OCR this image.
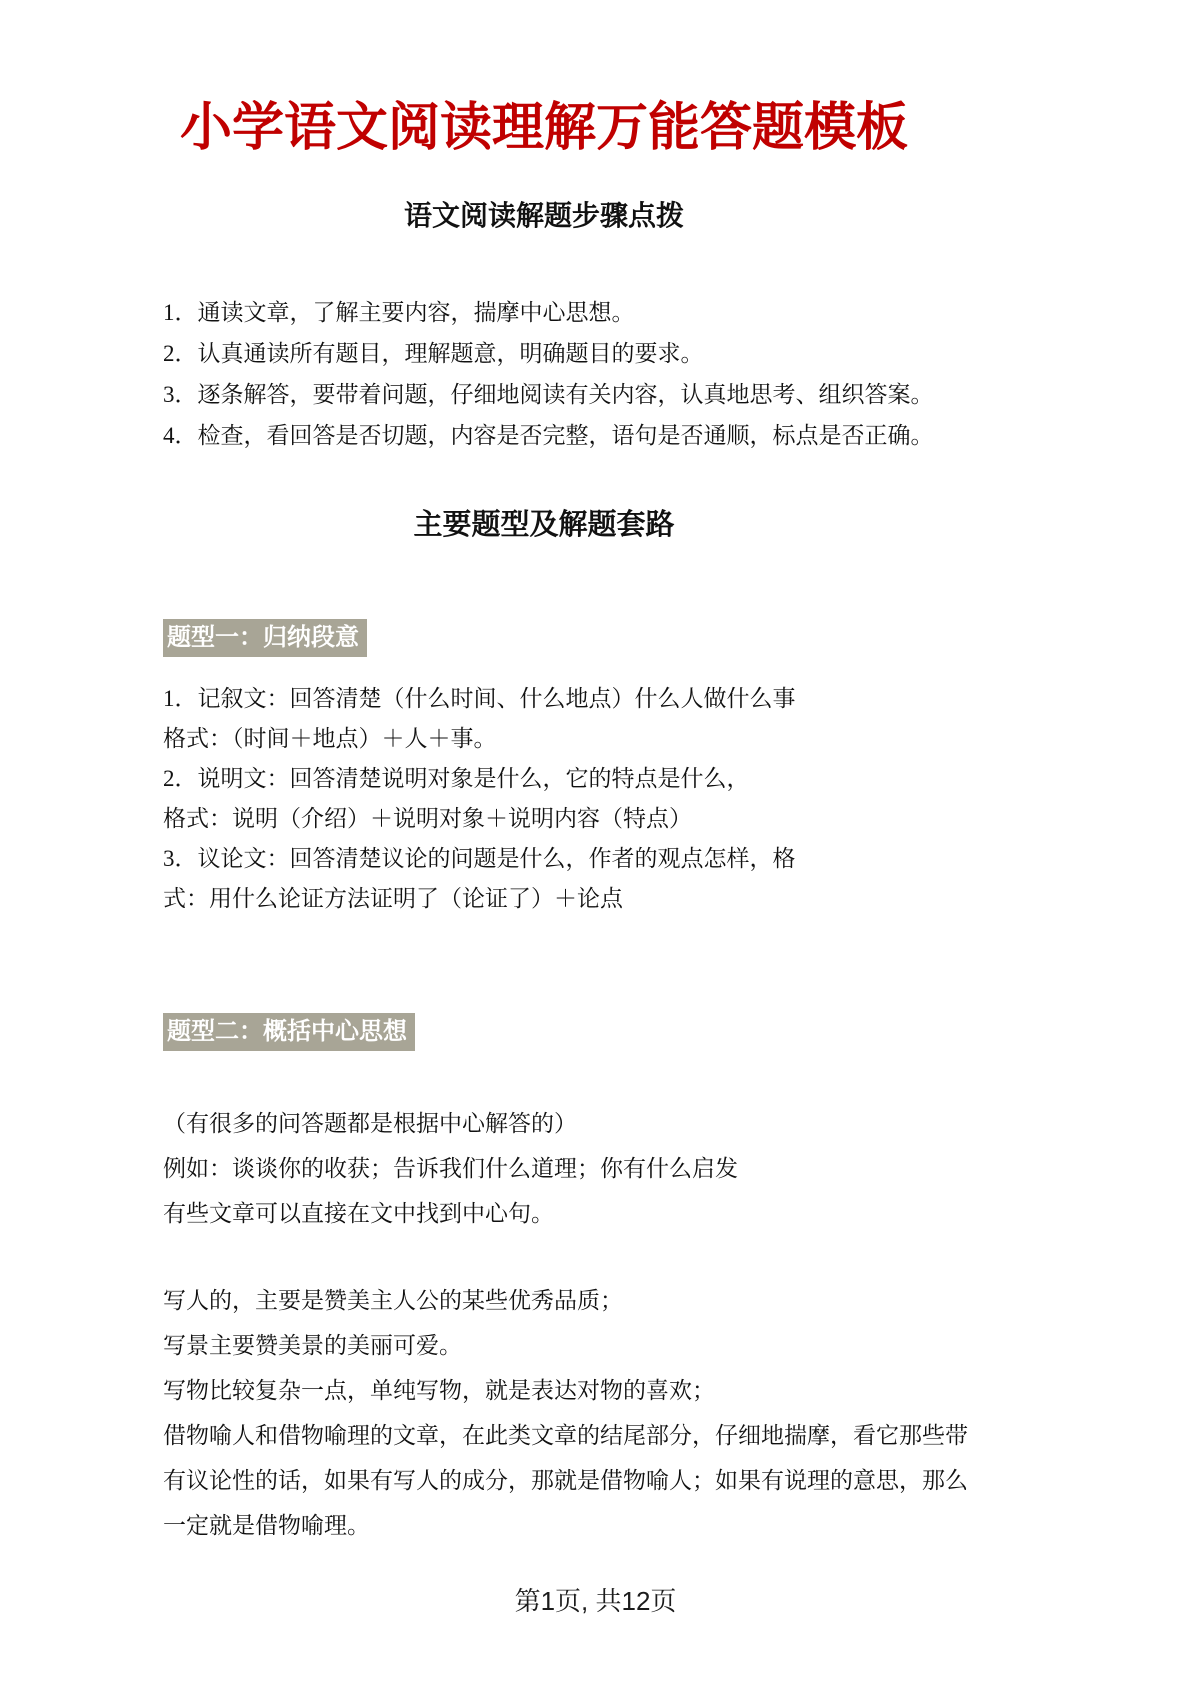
小学语文阅读理解万能答题模板
语文阅读解题步骤点拨

1．通读文章，了解主要内容，揣摩中心思想。

2．认真通读所有题目，理解题意，明确题目的要求。

3．逐条解答，要带着问题，仔细地阅读有关内容，认真地思考、组织答案。

4．检查，看回答是否切题，内容是否完整，语句是否通顺，标点是否正确。

主要题型及解题套路
题型一：归纳段意

1．记叙文：回答清楚（什么时间、什么地点）什么人做什么事

格式：（时间＋地点）＋人＋事。

2．说明文：回答清楚说明对象是什么，它的特点是什么，

格式：说明（介绍）＋说明对象＋说明内容（特点）

3．议论文：回答清楚议论的问题是什么，作者的观点怎样，格

式：用什么论证方法证明了（论证了）＋论点

题型二：概括中心思想

（有很多的问答题都是根据中心解答的）

例如：谈谈你的收获；告诉我们什么道理；你有什么启发

有些文章可以直接在文中找到中心句。

写人的，主要是赞美主人公的某些优秀品质；

写景主要赞美景的美丽可爱。

写物比较复杂一点，单纯写物，就是表达对物的喜欢；

借物喻人和借物喻理的文章，在此类文章的结尾部分，仔细地揣摩，看它那些带

有议论性的话，如果有写人的成分，那就是借物喻人；如果有说理的意思，那么

一定就是借物喻理。

第1页, 共12页
